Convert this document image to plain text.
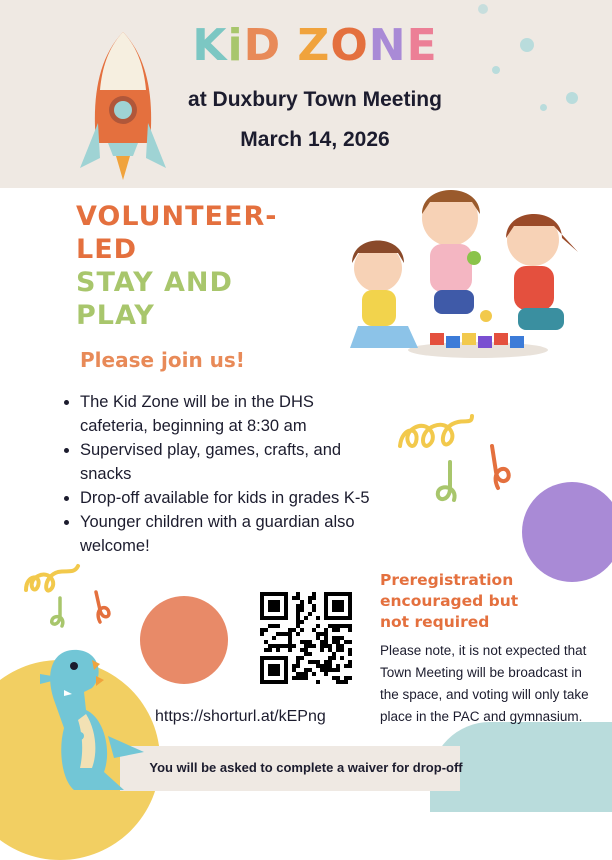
KiD ZONE
at Duxbury Town Meeting
March 14, 2026
VOLUNTEER-
LED
STAY AND
PLAY
Please join us!
• The Kid Zone will be in the DHS cafeteria, beginning at 8:30 am
• Supervised play, games, crafts, and snacks
• Drop-off available for kids in grades K-5
• Younger children with a guardian also welcome!
https://shorturl.at/kEPng
Preregistration
encouraged but
not required
Please note, it is not expected that Town Meeting will be broadcast in the space, and voting will only take place in the PAC and gymnasium.
You will be asked to complete a waiver for drop-off
